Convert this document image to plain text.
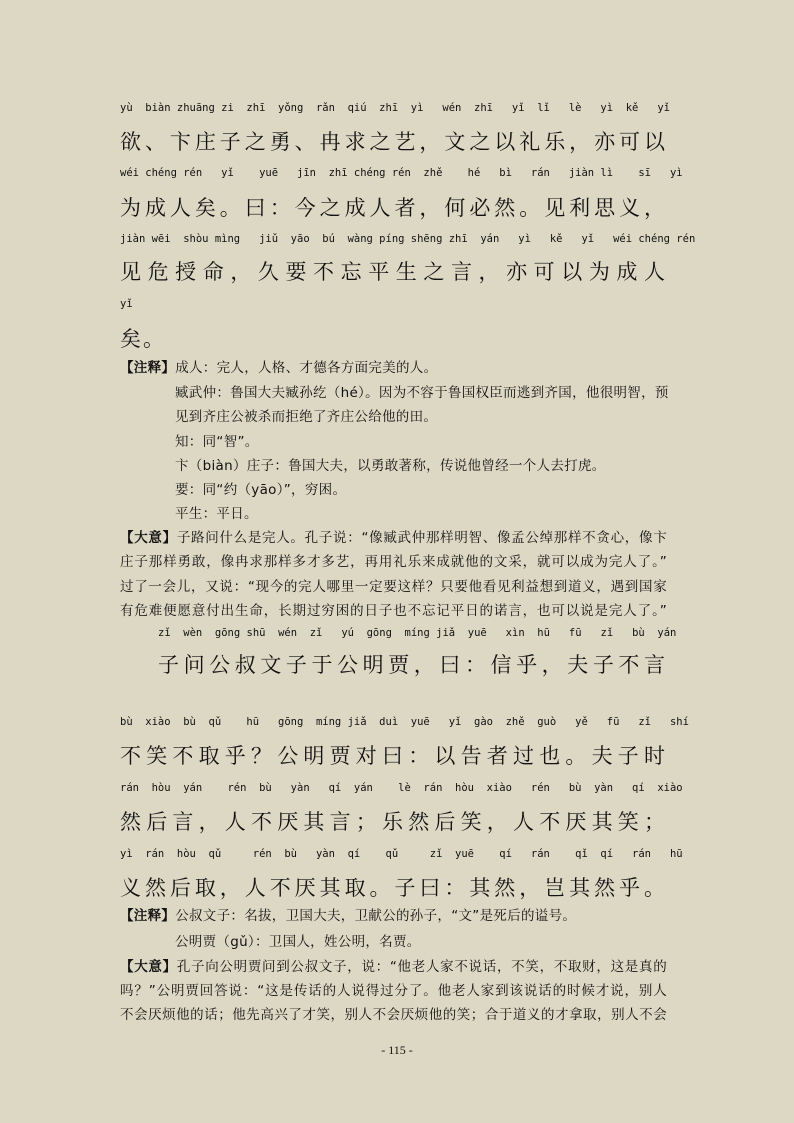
yù  biàn zhuāng zi  zhī  yǒng  rǎn  qiú  zhī  yì   wén  zhī   yǐ  lǐ   lè   yì  kě   yǐ
欲、卞庄子之勇、冉求之艺，文之以礼乐，亦可以
wéi chéng rén   yǐ    yuē   jīn  zhī chéng rén  zhě    hé   bì   rán   jiàn lì    sī   yì
为成人矣。曰：今之成人者，何必然。见利思义，
jiàn wēi  shòu mìng   jiǔ  yāo  bú  wàng píng shēng zhī  yán   yì   kě   yǐ   wéi chéng rén
见危授命，久要不忘平生之言，亦可以为成人
yǐ
矣。
【注释】成人：完人，人格、才德各方面完美的人。
臧武仲：鲁国大夫臧孙纥（hé）。因为不容于鲁国权臣而逃到齐国，他很明智，预
见到齐庄公被杀而拒绝了齐庄公给他的田。
知：同“智”。
卞（biàn）庄子：鲁国大夫，以勇敢著称，传说他曾经一个人去打虎。
要：同“约（yāo）”，穷困。
平生：平日。
【大意】子路问什么是完人。孔子说：“像臧武仲那样明智、像孟公绰那样不贪心，像卞
庄子那样勇敢，像冉求那样多才多艺，再用礼乐来成就他的文采，就可以成为完人了。”
过了一会儿，又说：“现今的完人哪里一定要这样？只要他看见利益想到道义，遇到国家
有危难便愿意付出生命，长期过穷困的日子也不忘记平日的诺言，也可以说是完人了。”
zǐ  wèn  gōng shū  wén  zǐ   yú  gōng  míng jiǎ  yuē   xìn  hū   fū   zǐ   bù  yán
子问公叔文子于公明贾，曰：信乎，夫子不言
bù  xiào  bù  qǔ    hū   gōng  míng jiǎ  duì  yuē   yǐ  gào  zhě  guò   yě   fū   zǐ   shí
不笑不取乎？公明贾对曰：以告者过也。夫子时
rán  hòu  yán    rén  bù   yàn   qí  yán    lè  rán  hòu  xiào   rén   bù  yàn   qí  xiào
然后言，人不厌其言；乐然后笑，人不厌其笑；
yì  rán  hòu  qǔ     rén  bù   yàn  qí    qǔ     zǐ  yuē    qí   rán    qǐ  qí   rán   hū
义然后取，人不厌其取。子曰：其然，岂其然乎。
【注释】公叔文子：名拔，卫国大夫，卫献公的孙子，“文”是死后的谥号。
公明贾（gǔ）：卫国人，姓公明，名贾。
【大意】孔子向公明贾问到公叔文子，说：“他老人家不说话，不笑，不取财，这是真的
吗？”公明贾回答说：“这是传话的人说得过分了。他老人家到该说话的时候才说，别人
不会厌烦他的话；他先高兴了才笑，别人不会厌烦他的笑；合于道义的才拿取，别人不会
- 115 -
